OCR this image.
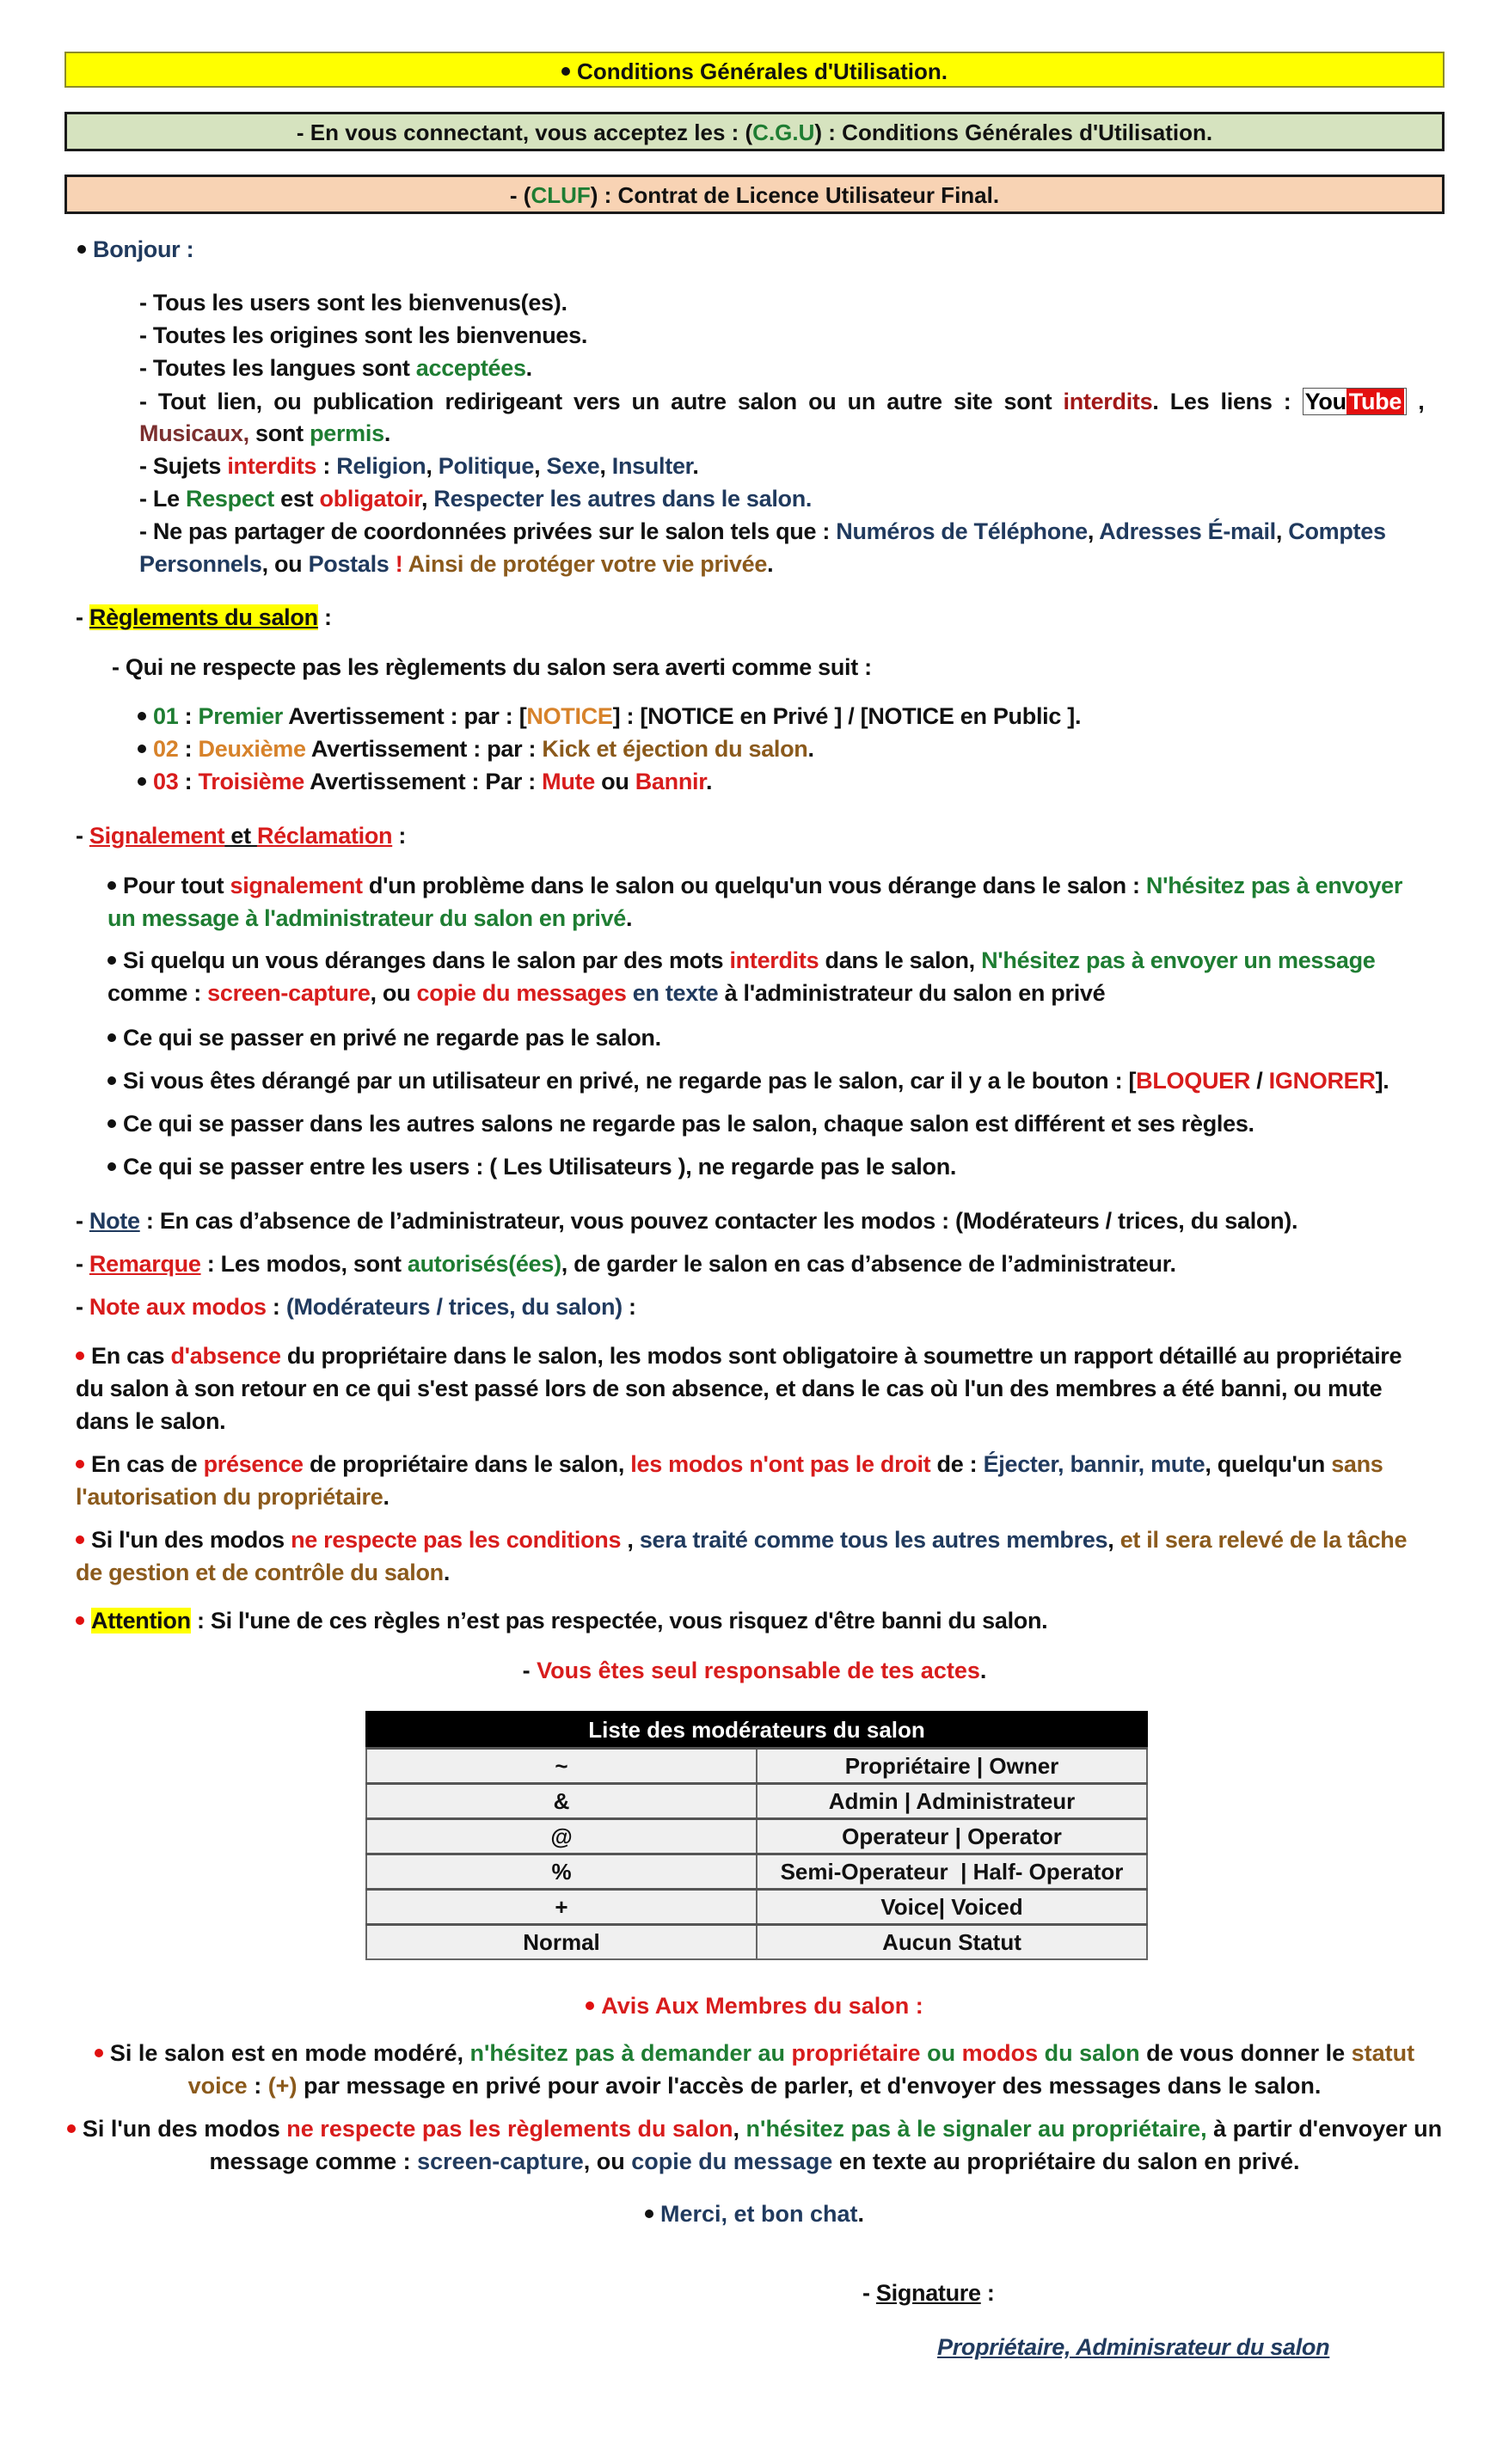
Conditions Générales d'Utilisation.
- En vous connectant, vous acceptez les : (C.G.U) : Conditions Générales d'Utilisation.
- (CLUF) : Contrat de Licence Utilisateur Final.
Bonjour :
- Tous les users sont les bienvenus(es).
- Toutes les origines sont les bienvenues.
- Toutes les langues sont acceptées.
- Tout lien, ou publication redirigeant vers un autre salon ou un autre site sont interdits. Les liens : You Tube ,
Musicaux, sont permis.
- Sujets interdits : Religion, Politique, Sexe, Insulter.
- Le Respect est obligatoir, Respecter les autres dans le salon.
- Ne pas partager de coordonnées privées sur le salon tels que : Numéros de Téléphone, Adresses É-mail, Comptes
Personnels, ou Postals ! Ainsi de protéger votre vie privée.
- Règlements du salon :
- Qui ne respecte pas les règlements du salon sera averti comme suit :
01 : Premier Avertissement : par : [NOTICE] : [NOTICE en Privé ] / [NOTICE en Public ].
02 : Deuxième Avertissement : par : Kick et éjection du salon.
03 : Troisième Avertissement : Par : Mute ou Bannir.
- Signalement et Réclamation :
Pour tout signalement d'un problème dans le salon ou quelqu'un vous dérange dans le salon : N'hésitez pas à envoyer
un message à l'administrateur du salon en privé.
Si quelqu un vous déranges dans le salon par des mots interdits dans le salon, N'hésitez pas à envoyer un message
comme : screen-capture, ou copie du messages en texte à l'administrateur du salon en privé
Ce qui se passer en privé ne regarde pas le salon.
Si vous êtes dérangé par un utilisateur en privé, ne regarde pas le salon, car il y a le bouton : [BLOQUER / IGNORER].
Ce qui se passer dans les autres salons ne regarde pas le salon, chaque salon est différent et ses règles.
Ce qui se passer entre les users : ( Les Utilisateurs ), ne regarde pas le salon.
- Note : En cas d’absence de l’administrateur, vous pouvez contacter les modos : (Modérateurs / trices, du salon).
- Remarque : Les modos, sont autorisés(ées), de garder le salon en cas d’absence de l’administrateur.
- Note aux modos : (Modérateurs / trices, du salon) :
En cas d'absence du propriétaire dans le salon, les modos sont obligatoire à soumettre un rapport détaillé au propriétaire
du salon à son retour en ce qui s'est passé lors de son absence, et dans le cas où l'un des membres a été banni, ou mute
dans le salon.
En cas de présence de propriétaire dans le salon, les modos n'ont pas le droit de : Éjecter, bannir, mute, quelqu'un sans
l'autorisation du propriétaire.
Si l'un des modos ne respecte pas les conditions , sera traité comme tous les autres membres, et il sera relevé de la tâche
de gestion et de contrôle du salon.
Attention : Si l'une de ces règles n’est pas respectée, vous risquez d'être banni du salon.
- Vous êtes seul responsable de tes actes.
Liste des modérateurs du salon	
~	Propriétaire | Owner
&	Admin | Administrateur
@	Operateur | Operator
%	Semi-Operateur  | Half- Operator
+	Voice| Voiced
Normal	Aucun Statut
Avis Aux Membres du salon :
Si le salon est en mode modéré, n'hésitez pas à demander au propriétaire ou modos du salon de vous donner le statut
voice : (+) par message en privé pour avoir l'accès de parler, et d'envoyer des messages dans le salon.
Si l'un des modos ne respecte pas les règlements du salon, n'hésitez pas à le signaler au propriétaire, à partir d'envoyer un
message comme : screen-capture, ou copie du message en texte au propriétaire du salon en privé.
Merci, et bon chat.
- Signature :
Propriétaire, Adminisrateur du salon
